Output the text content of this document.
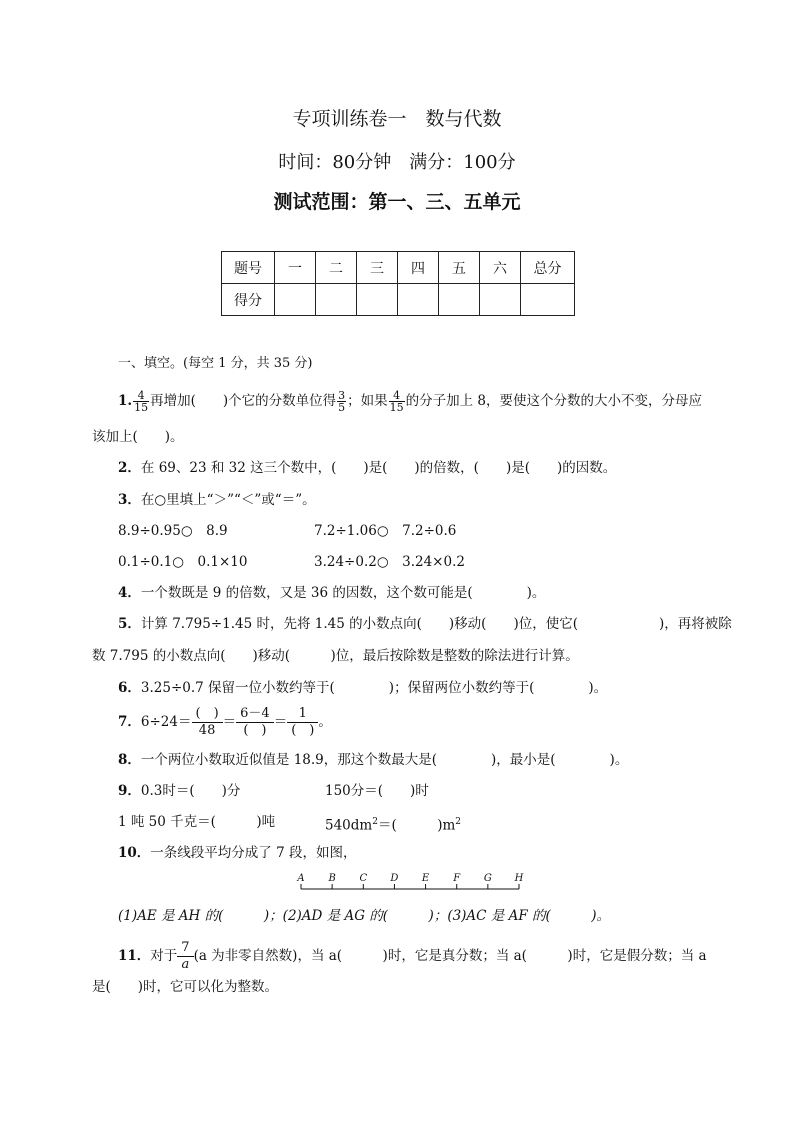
专项训练卷一　数与代数
时间：80分钟　满分：100分
测试范围：第一、三、五单元
题号	一	二	三	四	五	六	总分
得分							
一、填空。(每空 1 分，共 35 分)
1. $\frac{4}{15}$ 再增加(　　)个它的分数单位得 $\frac{3}{5}$ ；如果 $\frac{4}{15}$ 的分子加上 8，要使这个分数的大小不变，分母应
该加上(　　)。
2．在 69、23 和 32 这三个数中，(　　)是(　　)的倍数，(　　)是(　　)的因数。
3．在○里填上“＞”“＜”或“＝”。
8.9÷0.95○　8.9	7.2÷1.06○　7.2÷0.6
0.1÷0.1○　0.1×10	3.24÷0.2○　3.24×0.2
4．一个数既是 9 的倍数，又是 36 的因数，这个数可能是(　　　　)。
5．计算 7.795÷1.45 时，先将 1.45 的小数点向(　　)移动(　　)位，使它(　　　　　　)，再将被除
数 7.795 的小数点向(　　)移动(　　　)位，最后按除数是整数的除法进行计算。
6．3.25÷0.7 保留一位小数约等于(　　　　)；保留两位小数约等于(　　　　)。
7．$6\div 24= \frac{( )}{48} = \frac{6-4}{( )} = \frac{1}{( )}$ 。
8．一个两位小数取近似值是 18.9，那这个数最大是(　　　　)，最小是(　　　　)。
9．0.3时＝(　　)分	150分＝(　　)时
1 吨 50 千克＝(　　　)吨	$540dm^2=$(　　　)$m^2$
10．一条线段平均分成了 7 段，如图，
A B C D E F G H
(1)AE 是 AH 的(　　　)；(2)AD 是 AG 的(　　　)；(3)AC 是 AF 的(　　　)。
11．对于 $\frac{7}{a} (a$ 为非零自然数)，当 a(　　　)时，它是真分数；当 a(　　　)时，它是假分数；当 a
是(　　)时，它可以化为整数。
